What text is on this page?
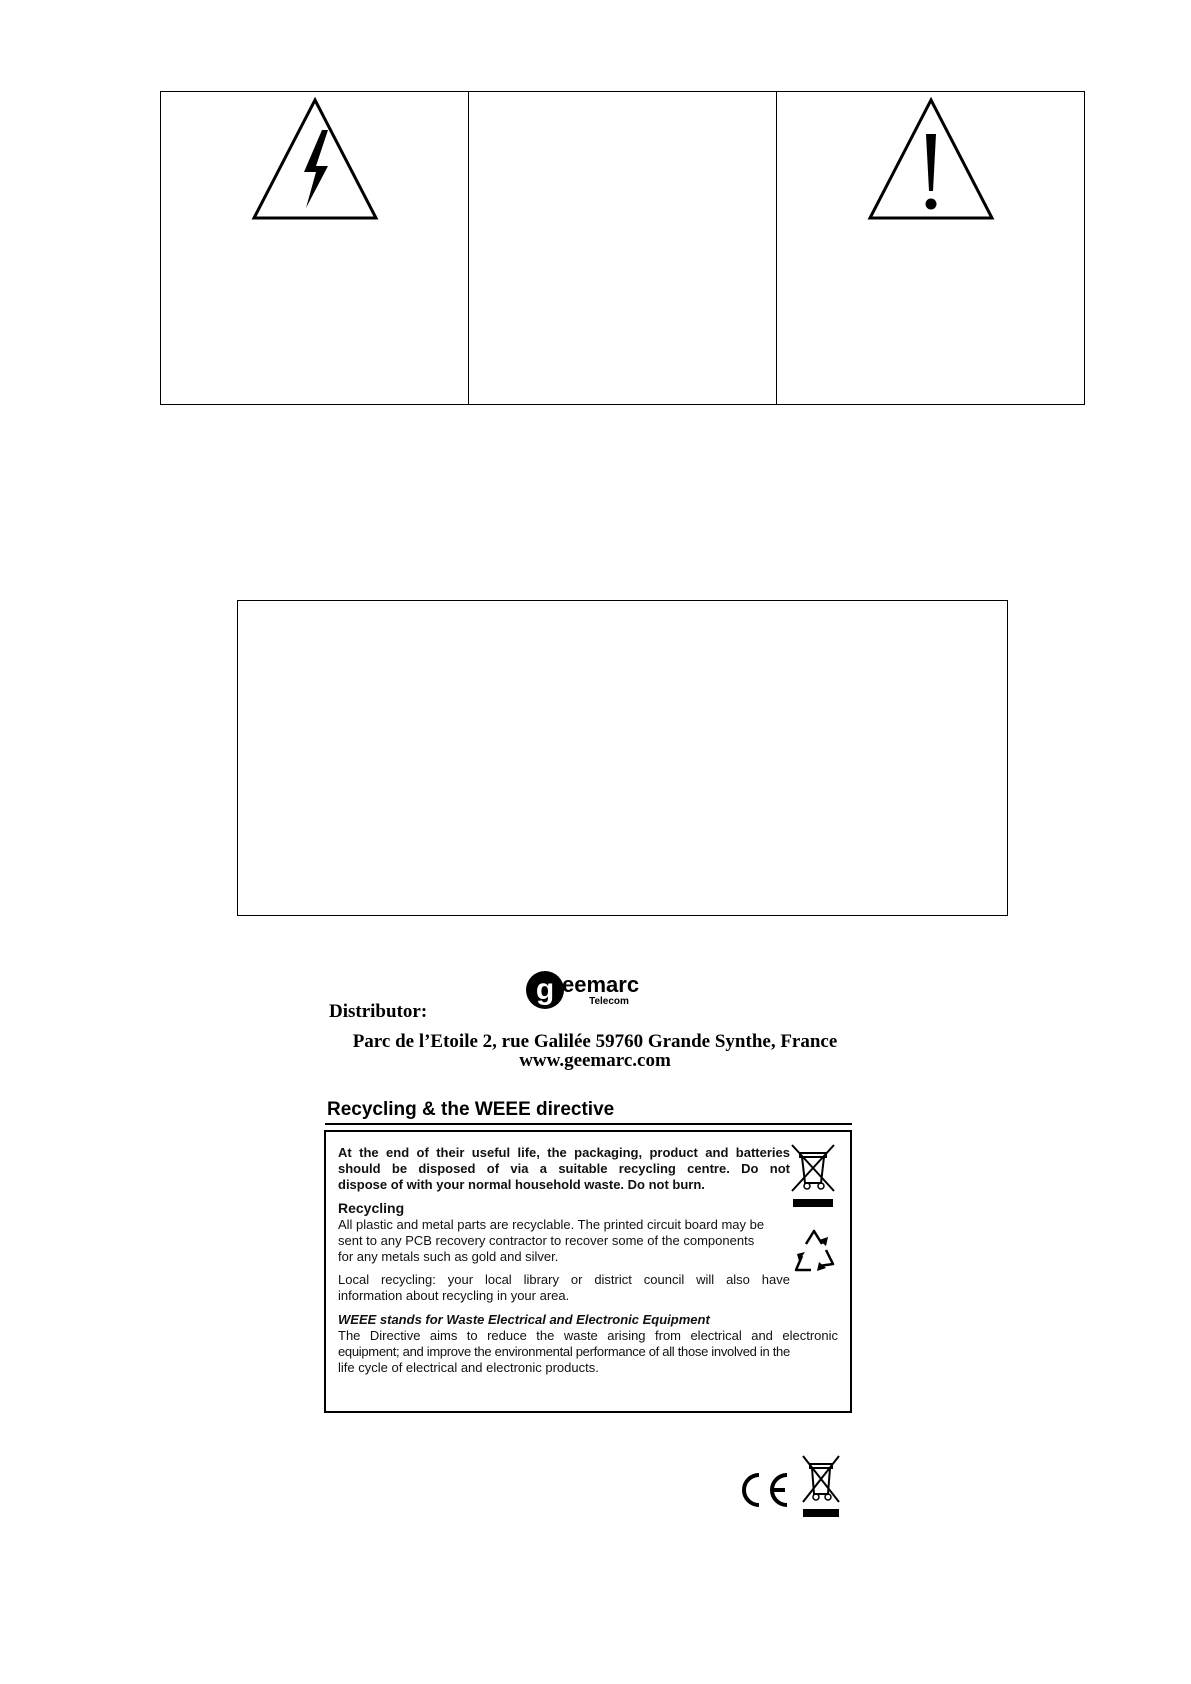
g eemarc
Telecom
Distributor:
Parc de l’Etoile 2, rue Galilée 59760 Grande Synthe, France
www.geemarc.com
Recycling & the WEEE directive
At the end of their useful life, the packaging, product and batteries
should be disposed of via a suitable recycling centre. Do not
dispose of with your normal household waste. Do not burn.
Recycling
All plastic and metal parts are recyclable. The printed circuit board may be
sent to any PCB recovery contractor to recover some of the components
for any metals such as gold and silver.
Local recycling: your local library or district council will also have
information about recycling in your area.
WEEE stands for Waste Electrical and Electronic Equipment
The Directive aims to reduce the waste arising from electrical and electronic
equipment; and improve the environmental performance of all those involved in the
life cycle of electrical and electronic products.
